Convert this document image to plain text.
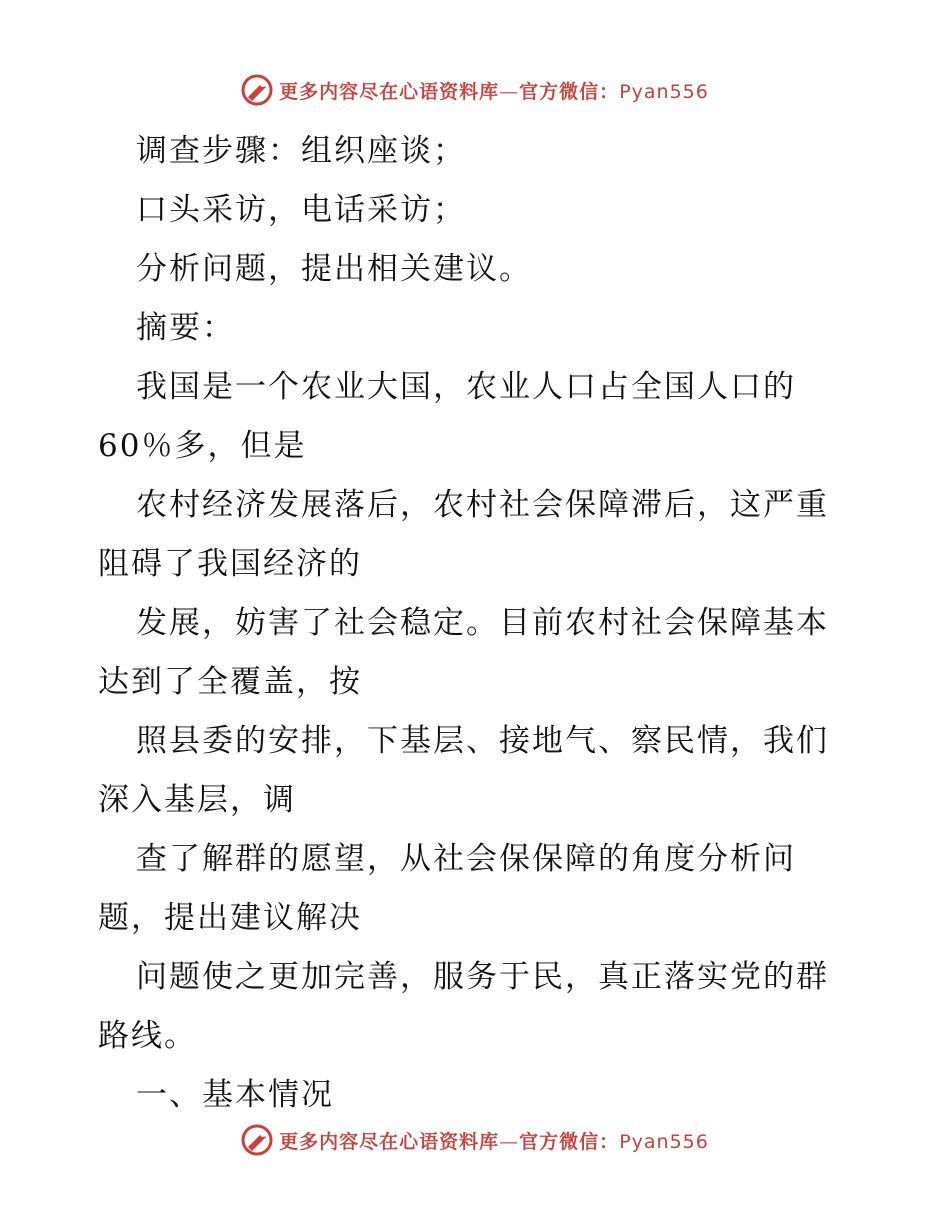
更多内容尽在心语资料库—官方微信：Pyan556
调查步骤：组织座谈；
口头采访，电话采访；
分析问题，提出相关建议。
摘要：
我国是一个农业大国，农业人口占全国人口的
60％多，但是
农村经济发展落后，农村社会保障滞后，这严重
阻碍了我国经济的
发展，妨害了社会稳定。目前农村社会保障基本
达到了全覆盖，按
照县委的安排，下基层、接地气、察民情，我们
深入基层，调
查了解群的愿望，从社会保保障的角度分析问
题，提出建议解决
问题使之更加完善，服务于民，真正落实党的群
路线。
一、基本情况
更多内容尽在心语资料库—官方微信：Pyan556
